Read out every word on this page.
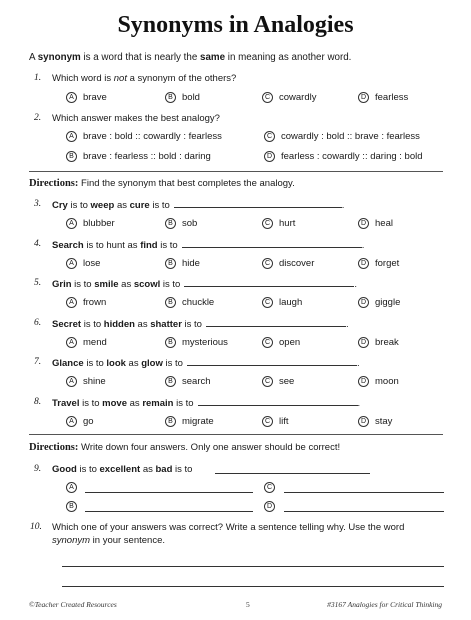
Synonyms in Analogies
A synonym is a word that is nearly the same in meaning as another word.
1. Which word is not a synonym of the others?
A brave	B bold	C cowardly	D fearless
2. Which answer makes the best analogy?
A brave : bold :: cowardly : fearless	C cowardly : bold :: brave : fearless
B brave : fearless :: bold : daring	D fearless : cowardly :: daring : bold
Directions: Find the synonym that best completes the analogy.
3. Cry is to weep as cure is to	.
A blubber	B sob	C hurt	D heal
4. Search is to hunt as find is to	.
A lose	B hide	C discover	D forget
5. Grin is to smile as scowl is to	.
A frown	B chuckle	C laugh	D giggle
6. Secret is to hidden as shatter is to	.
A mend	B mysterious	C open	D break
7. Glance is to look as glow is to	.
A shine	B search	C see	D moon
8. Travel is to move as remain is to	.
A go	B migrate	C lift	D stay
Directions: Write down four answers. Only one answer should be correct!
9. Good is to excellent as bad is to
A	C
B	D
10. Which one of your answers was correct? Write a sentence telling why. Use the word
synonym in your sentence.
©Teacher Created Resources	5	#3167 Analogies for Critical Thinking
